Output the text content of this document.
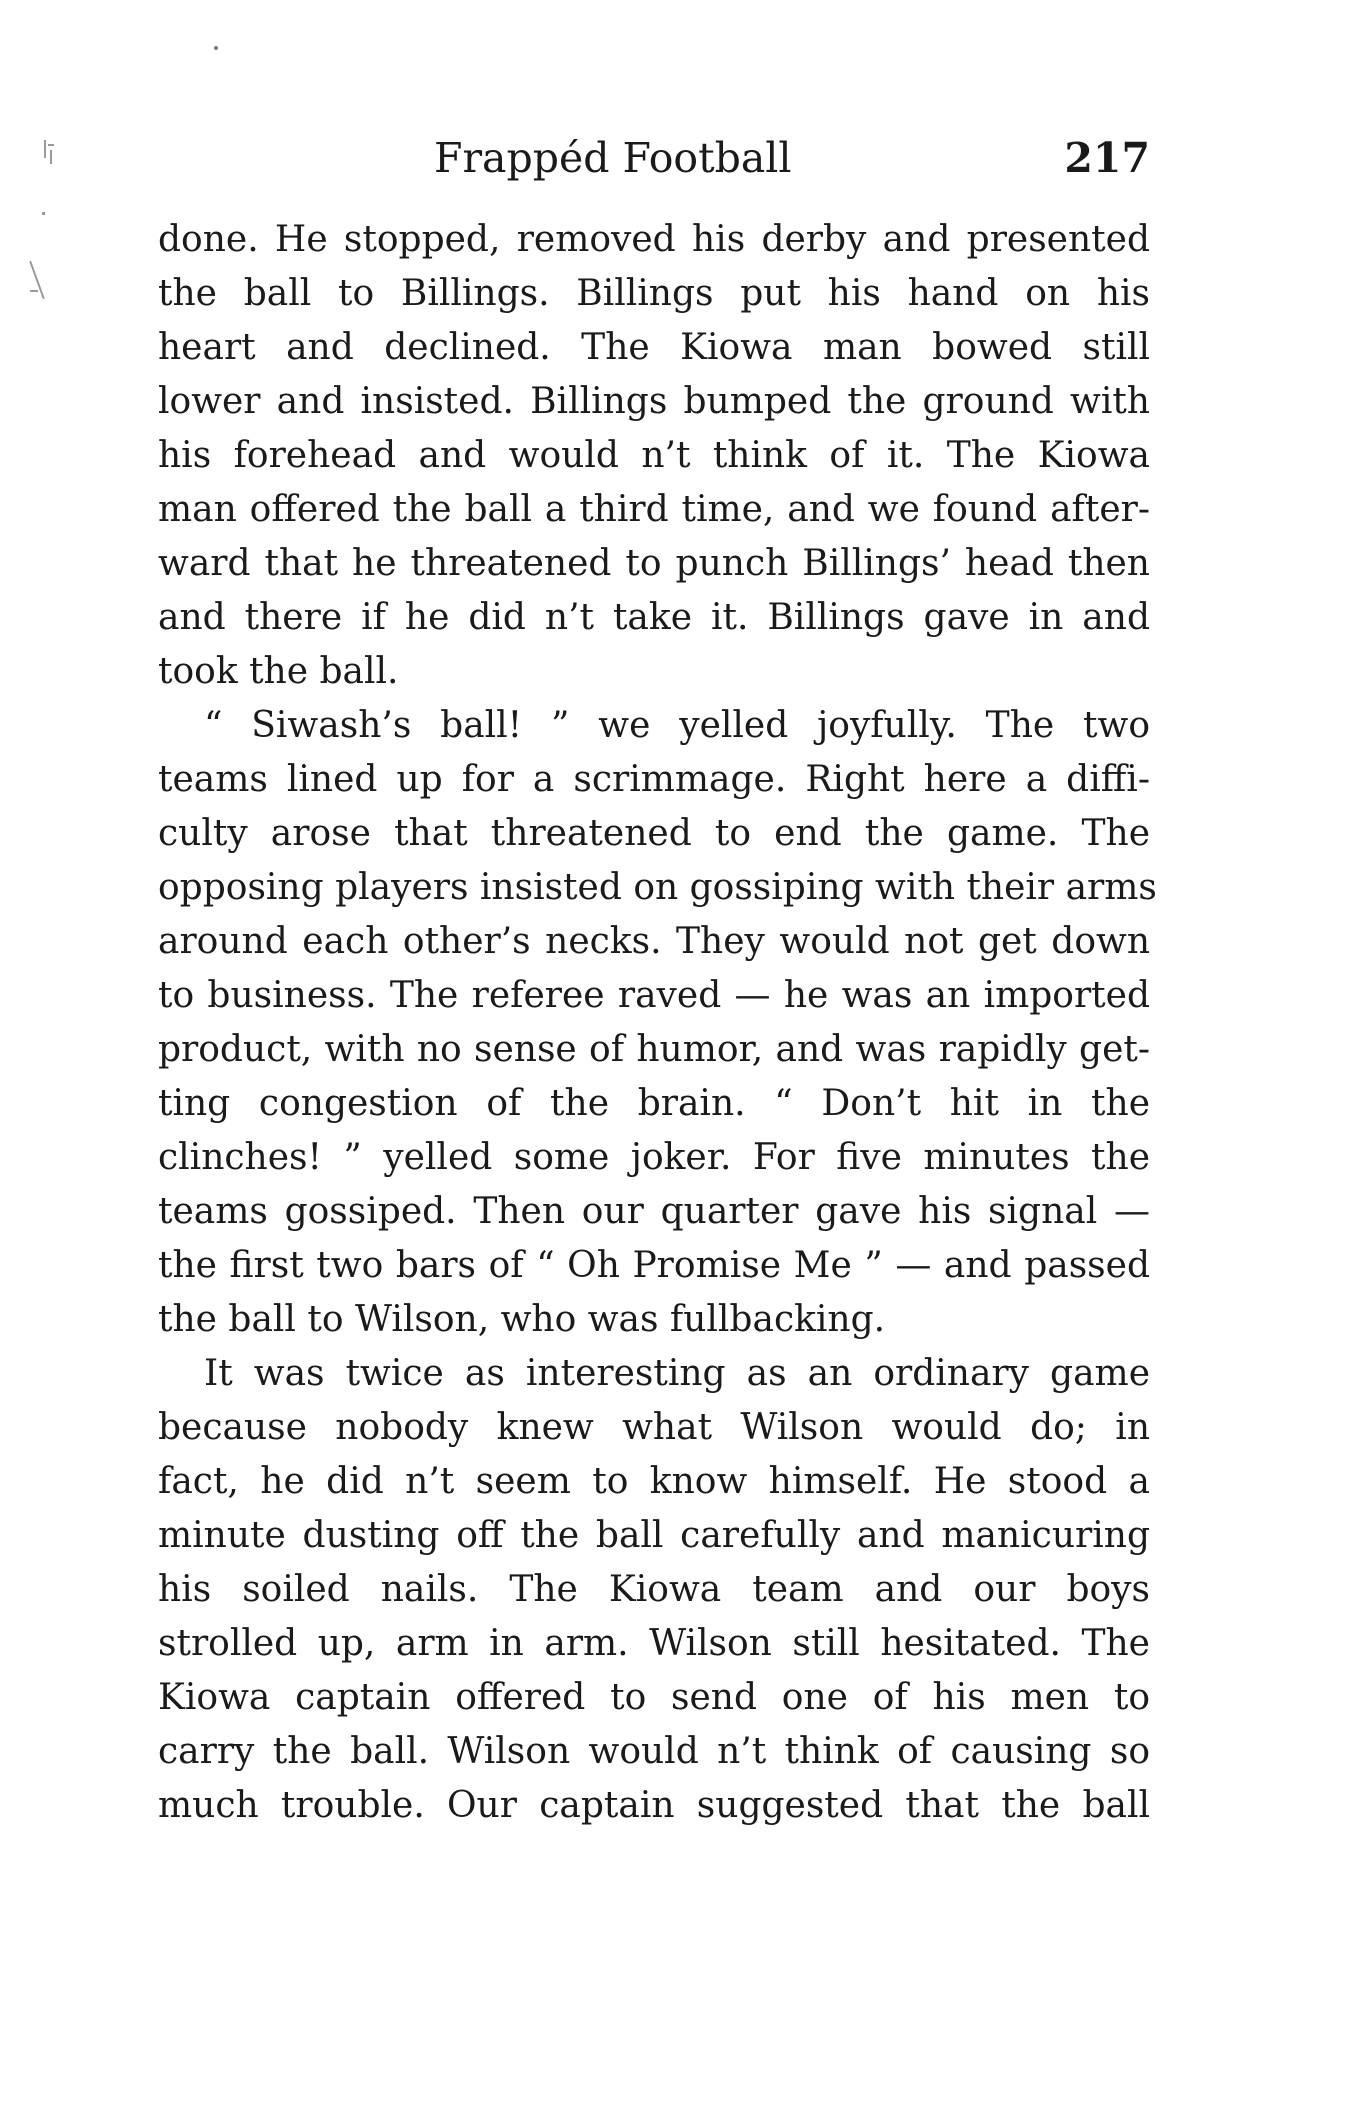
Frappéd Football	217
done. He stopped, removed his derby and presented
the ball to Billings. Billings put his hand on his
heart and declined. The Kiowa man bowed still
lower and insisted. Billings bumped the ground with
his forehead and would n’t think of it. The Kiowa
man offered the ball a third time, and we found after-
ward that he threatened to punch Billings’ head then
and there if he did n’t take it. Billings gave in and
took the ball.
“ Siwash’s ball! ” we yelled joyfully. The two
teams lined up for a scrimmage. Right here a diffi-
culty arose that threatened to end the game. The
opposing players insisted on gossiping with their arms
around each other’s necks. They would not get down
to business. The referee raved — he was an imported
product, with no sense of humor, and was rapidly get-
ting congestion of the brain. “ Don’t hit in the
clinches! ” yelled some joker. For five minutes the
teams gossiped. Then our quarter gave his signal —
the first two bars of “ Oh Promise Me ” — and passed
the ball to Wilson, who was fullbacking.
It was twice as interesting as an ordinary game
because nobody knew what Wilson would do; in
fact, he did n’t seem to know himself. He stood a
minute dusting off the ball carefully and manicuring
his soiled nails. The Kiowa team and our boys
strolled up, arm in arm. Wilson still hesitated. The
Kiowa captain offered to send one of his men to
carry the ball. Wilson would n’t think of causing so
much trouble. Our captain suggested that the ball
